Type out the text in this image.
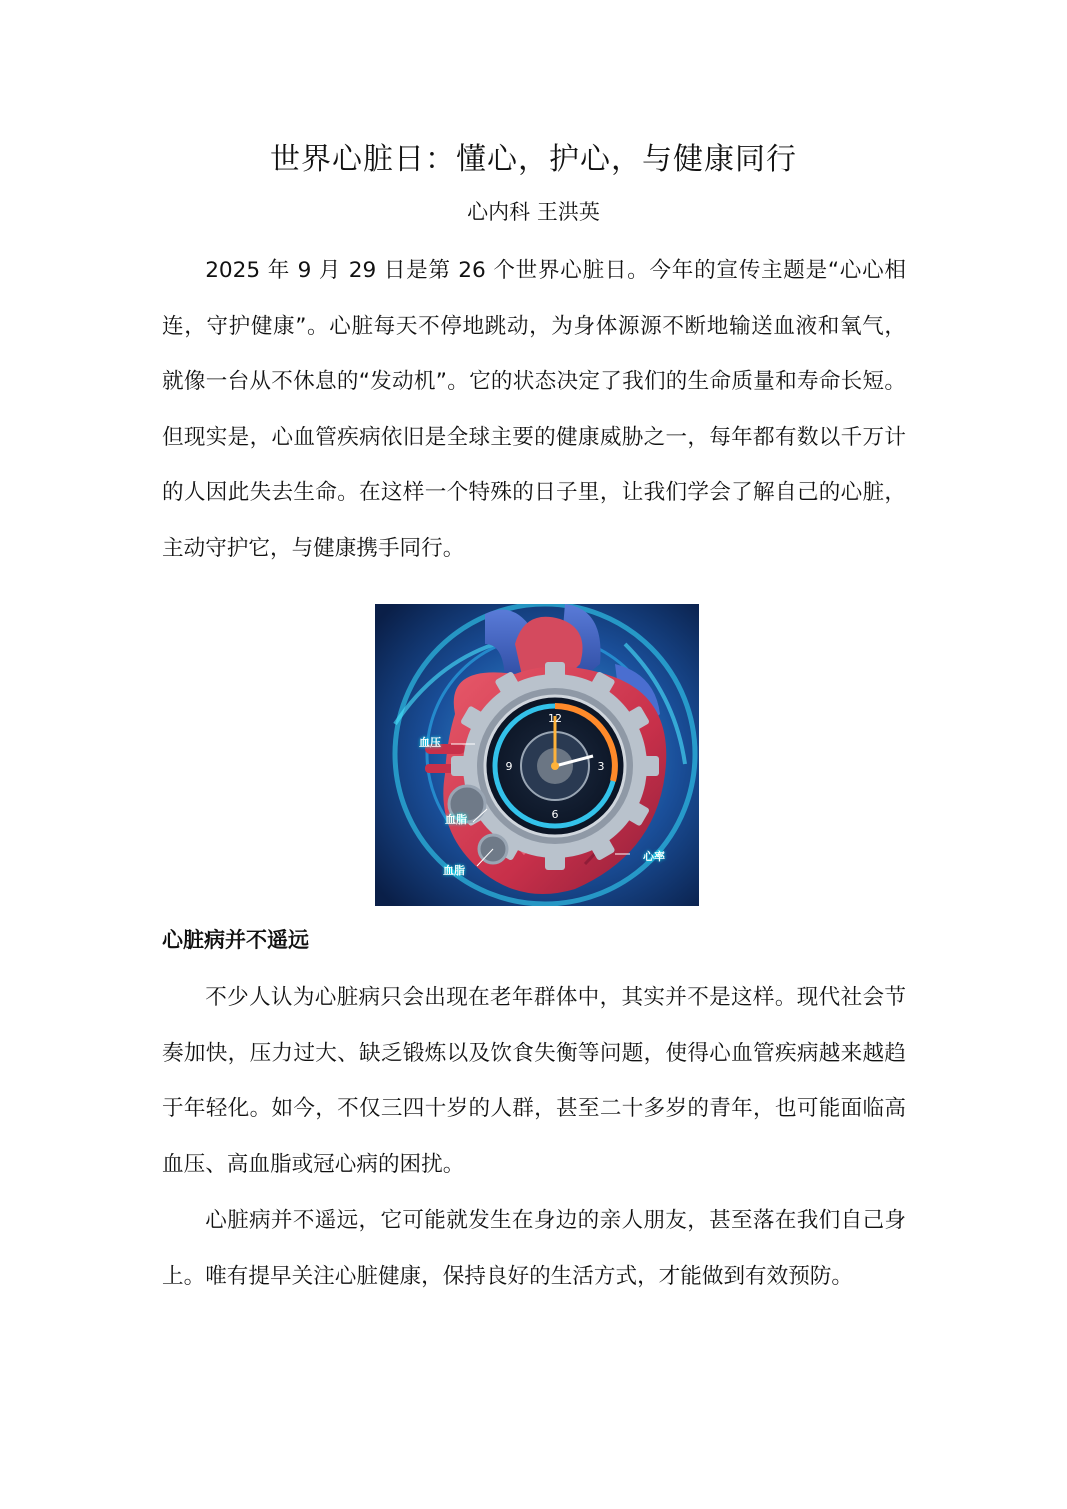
世界心脏日：懂心，护心，与健康同行

心内科 王洪英

2025 年 9 月 29 日是第 26 个世界心脏日。今年的宣传主题是“心心相连，守护健康”。心脏每天不停地跳动，为身体源源不断地输送血液和氧气，就像一台从不休息的“发动机”。它的状态决定了我们的生命质量和寿命长短。但现实是，心血管疾病依旧是全球主要的健康威胁之一，每年都有数以千万计的人因此失去生命。在这样一个特殊的日子里，让我们学会了解自己的心脏，主动守护它，与健康携手同行。

12
3
6
9
血压
血脂
血脂
心率
心脏病并不遥远

不少人认为心脏病只会出现在老年群体中，其实并不是这样。现代社会节奏加快，压力过大、缺乏锻炼以及饮食失衡等问题，使得心血管疾病越来越趋于年轻化。如今，不仅三四十岁的人群，甚至二十多岁的青年，也可能面临高血压、高血脂或冠心病的困扰。

心脏病并不遥远，它可能就发生在身边的亲人朋友，甚至落在我们自己身上。唯有提早关注心脏健康，保持良好的生活方式，才能做到有效预防。
